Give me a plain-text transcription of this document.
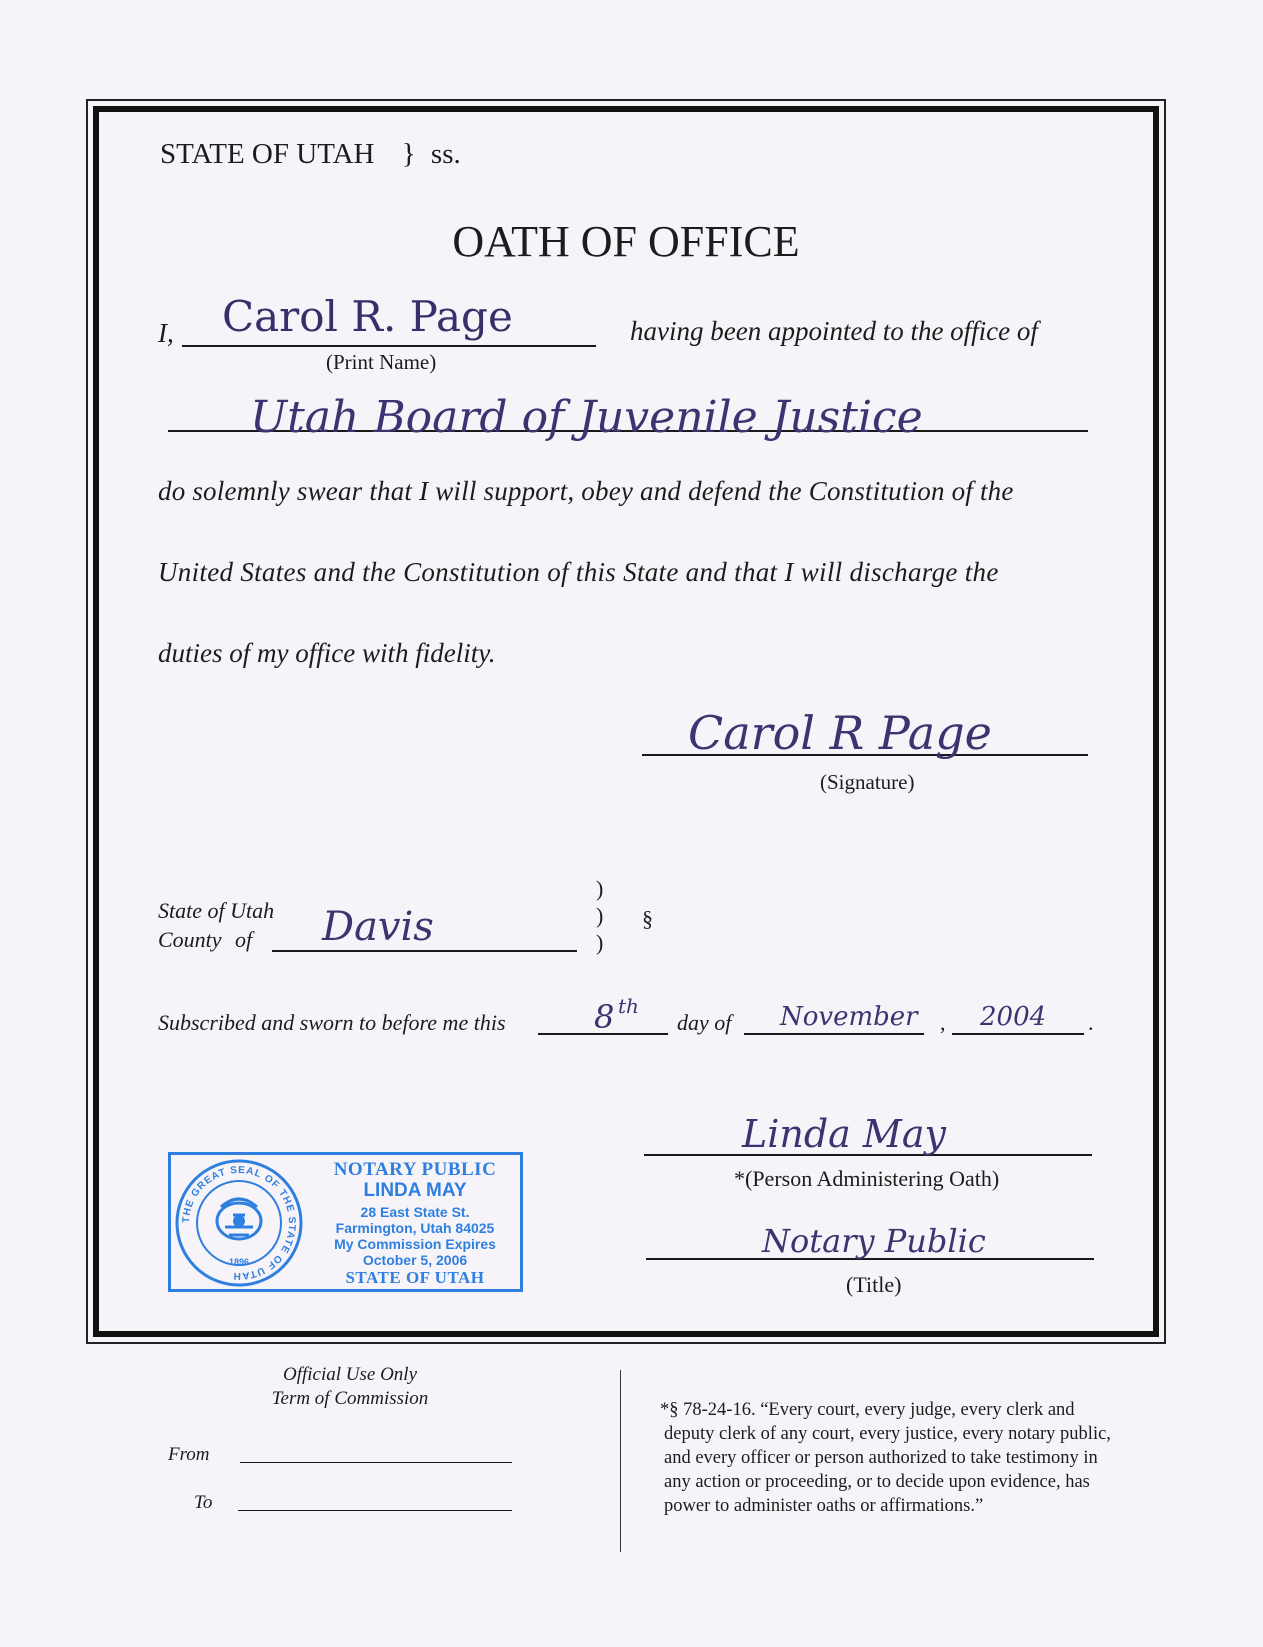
STATE OF UTAH } ss.
OATH OF OFFICE
I, Carol R. Page
(Print Name)
having been appointed to the office of
Utah Board of Juvenile Justice
do solemnly swear that I will support, obey and defend the Constitution of the
United States and the Constitution of this State and that I will discharge the
duties of my office with fidelity.
Carol R Page
(Signature)
State of Utah
County of Davis
)
)
)
§
Subscribed and sworn to before me this	8 th
day of November , 2004 .
Linda May
*(Person Administering Oath)
Notary Public
(Title)
THE GREAT SEAL OF THE STATE OF UTAH
1896
NOTARY PUBLIC
LINDA MAY
28 East State St.
Farmington, Utah 84025
My Commission Expires
October 5, 2006
STATE OF UTAH
Official Use Only
Term of Commission
From
To
*§ 78-24-16. “Every court, every judge, every clerk and
deputy clerk of any court, every justice, every notary public,
and every officer or person authorized to take testimony in
any action or proceeding, or to decide upon evidence, has
power to administer oaths or affirmations.”
